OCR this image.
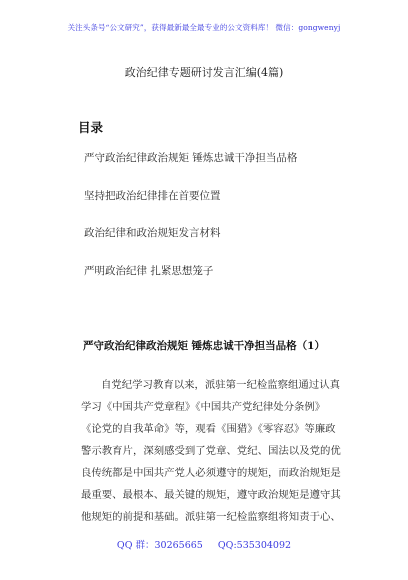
关注头条号“公文研究”，获得最新最全最专业的公文资料库！ 微信：gongwenyj
政治纪律专题研讨发言汇编(4篇)
目录
严守政治纪律政治规矩 锤炼忠诚干净担当品格
坚持把政治纪律排在首要位置
政治纪律和政治规矩发言材料
严明政治纪律 扎紧思想笼子
严守政治纪律政治规矩 锤炼忠诚干净担当品格（1）

自党纪学习教育以来，派驻第一纪检监察组通过认真
学习《中国共产党章程》《中国共产党纪律处分条例》
《论党的自我革命》等，观看《围猎》《零容忍》等廉政
警示教育片，深刻感受到了党章、党纪、国法以及党的优
良传统都是中国共产党人必须遵守的规矩，而政治规矩是
最重要、最根本、最关键的规矩，遵守政治规矩是遵守其
他规矩的前提和基础。派驻第一纪检监察组将知责于心、

QQ 群：30265665 QQ:535304092
